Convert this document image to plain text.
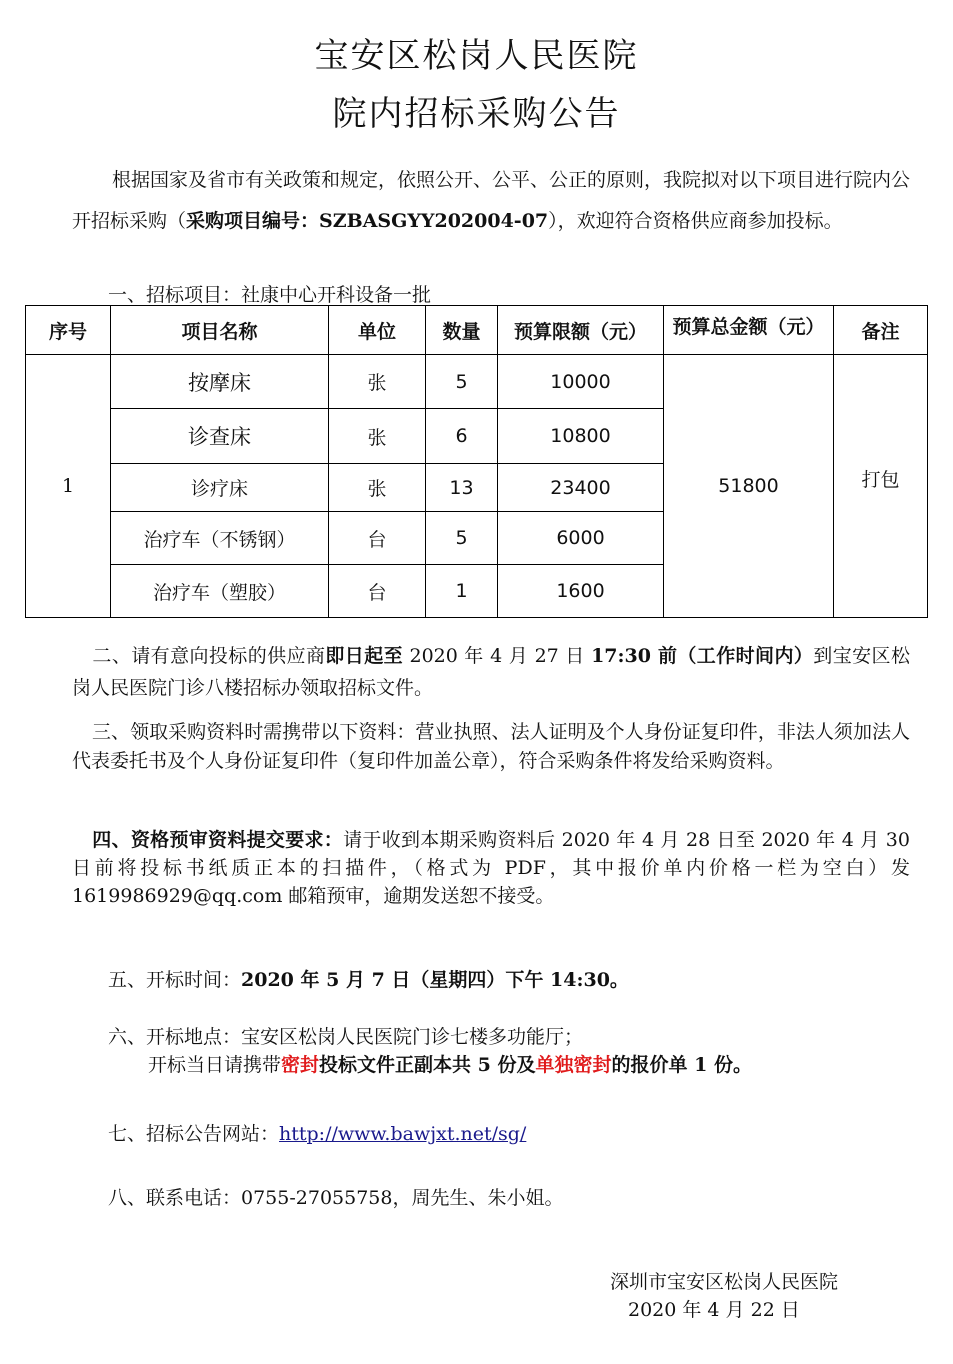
宝安区松岗人民医院
院内招标采购公告
根据国家及省市有关政策和规定，依照公开、公平、公正的原则，我院拟对以下项目进行院内公开招标采购（采购项目编号：SZBASGYY202004-07），欢迎符合资格供应商参加投标。
一、招标项目：社康中心开科设备一批
序号	项目名称	单位	数量	预算限额（元）	预算总金额（元）	备注
1	按摩床	张	5	10000	51800	打包
	诊查床	张	6	10800		
	诊疗床	张	13	23400		
	治疗车（不锈钢）	台	5	6000		
	治疗车（塑胶）	台	1	1600		
二、请有意向投标的供应商即日起至 2020 年 4 月 27 日 17:30 前（工作时间内）到宝安区松岗人民医院门诊八楼招标办领取招标文件。
三、领取采购资料时需携带以下资料：营业执照、法人证明及个人身份证复印件，非法人须加法人代表委托书及个人身份证复印件（复印件加盖公章），符合采购条件将发给采购资料。
四、资格预审资料提交要求：请于收到本期采购资料后 2020 年 4 月 28 日至 2020 年 4 月 30 日前将投标书纸质正本的扫描件，（格式为 PDF，其中报价单内价格一栏为空白）发 1619986929@qq.com 邮箱预审，逾期发送恕不接受。
五、开标时间：2020 年 5 月 7 日（星期四）下午 14:30。
六、开标地点：宝安区松岗人民医院门诊七楼多功能厅；
开标当日请携带密封投标文件正副本共 5 份及单独密封的报价单 1 份。
七、招标公告网站：http://www.bawjxt.net/sg/
八、联系电话：0755-27055758，周先生、朱小姐。
深圳市宝安区松岗人民医院
2020 年 4 月 22 日
